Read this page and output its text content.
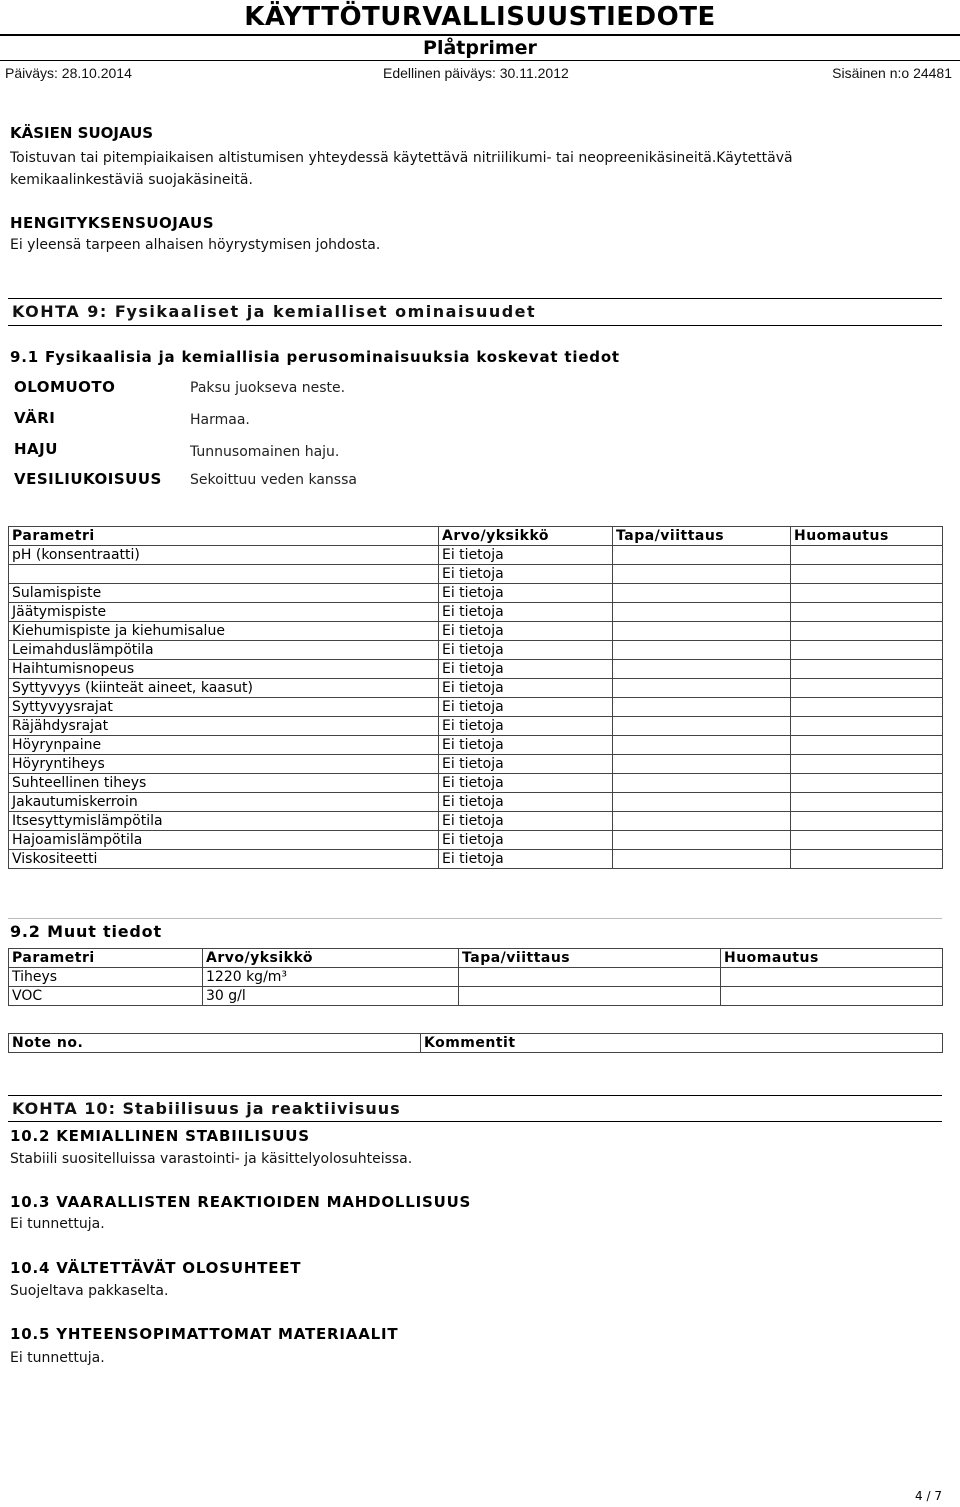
KÄYTTÖTURVALLISUUSTIEDOTE
Plåtprimer
Päiväys: 28.10.2014	Edellinen päiväys: 30.11.2012	Sisäinen n:o 24481
KÄSIEN SUOJAUS
Toistuvan tai pitempiaikaisen altistumisen yhteydessä käytettävä nitriilikumi- tai neopreenikäsineitä.Käytettävä
kemikaalinkestäviä suojakäsineitä.
HENGITYKSENSUOJAUS
Ei yleensä tarpeen alhaisen höyrystymisen johdosta.
KOHTA 9: Fysikaaliset ja kemialliset ominaisuudet
9.1 Fysikaalisia ja kemiallisia perusominaisuuksia koskevat tiedot
OLOMUOTO	Paksu juokseva neste.
VÄRI	Harmaa.
HAJU	Tunnusomainen haju.
VESILIUKOISUUS Sekoittuu veden kanssa
Parametri	Arvo/yksikkö	Tapa/viittaus	Huomautus
pH (konsentraatti)	Ei tietoja		
	Ei tietoja		
Sulamispiste	Ei tietoja		
Jäätymispiste	Ei tietoja		
Kiehumispiste ja kiehumisalue	Ei tietoja		
Leimahduslämpötila	Ei tietoja		
Haihtumisnopeus	Ei tietoja		
Syttyvyys (kiinteät aineet, kaasut)	Ei tietoja		
Syttyvyysrajat	Ei tietoja		
Räjähdysrajat	Ei tietoja		
Höyrynpaine	Ei tietoja		
Höyryntiheys	Ei tietoja		
Suhteellinen tiheys	Ei tietoja		
Jakautumiskerroin	Ei tietoja		
Itsesyttymislämpötila	Ei tietoja		
Hajoamislämpötila	Ei tietoja		
Viskositeetti	Ei tietoja		
9.2 Muut tiedot
Parametri	Arvo/yksikkö	Tapa/viittaus	Huomautus
Tiheys	1220 kg/m³		
VOC	30 g/l		
Note no.	Kommentit
KOHTA 10: Stabiilisuus ja reaktiivisuus
10.2 KEMIALLINEN STABIILISUUS
Stabiili suositelluissa varastointi- ja käsittelyolosuhteissa.
10.3 VAARALLISTEN REAKTIOIDEN MAHDOLLISUUS
Ei tunnettuja.
10.4 VÄLTETTÄVÄT OLOSUHTEET
Suojeltava pakkaselta.
10.5 YHTEENSOPIMATTOMAT MATERIAALIT
Ei tunnettuja.
4 / 7
